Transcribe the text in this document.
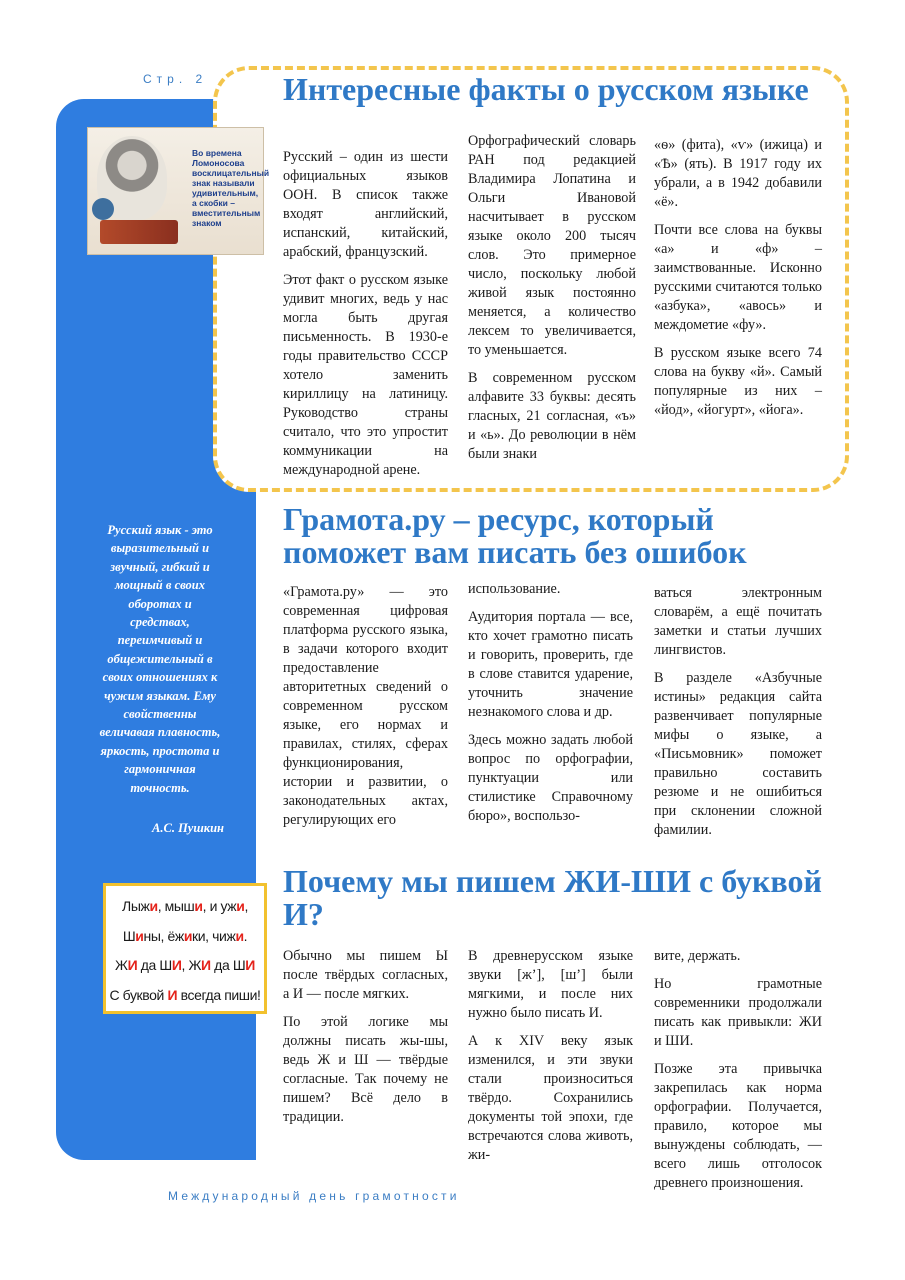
Стр. 2
Во времена Ломоносова восклицательный знак называли удивительным, а скобки – вместительным знаком
Русский язык - это выразительный и звучный, гибкий и мощный в своих оборотах и средствах, переимчивый и общежительный в своих отношениях к чужим языкам. Ему свойственны величавая плавность, яркость, простота и гармоничная точность.
А.С. Пушкин
Лыжи, мыши, и ужи,
Шины, ёжики, чижи.
ЖИ да ШИ, ЖИ да ШИ
С буквой И всегда пиши!
Интересные факты о русском языке

Русский – один из шести официальных языков ООН. В список также входят английский, испанский, китайский, арабский, французский.

Этот факт о русском языке удивит многих, ведь у нас могла быть другая письменность. В 1930-е годы правительство СССР хотело заменить кириллицу на латиницу. Руководство страны считало, что это упростит коммуникации на международной арене.

Орфографический словарь РАН под редакцией Владимира Лопатина и Ольги Ивановой насчитывает в русском языке около 200 тысяч слов. Это примерное число, поскольку любой живой язык постоянно меняется, а количество лексем то увеличивается, то уменьшается.

В современном русском алфавите 33 буквы: десять гласных, 21 согласная, «ъ» и «ь». До революции в нём были знаки

«ѳ» (фита), «ѵ» (ижица) и «Ѣ» (ять). В 1917 году их убрали, а в 1942 добавили «ё».

Почти все слова на буквы «а» и «ф» – заимствованные. Исконно русскими считаются только «азбука», «авось» и междометие «фу».

В русском языке всего 74 слова на букву «й». Самый популярные из них – «йод», «йогурт», «йога».

Грамота.ру – ресурс, который поможет вам писать без ошибок

«Грамота.ру» — это современная цифровая платформа русского языка, в задачи которого входит предоставление авторитетных сведений о современном русском языке, его нормах и правилах, стилях, сферах функционирования, истории и развитии, о законодательных актах, регулирующих его

использование.

Аудитория портала — все, кто хочет грамотно писать и говорить, проверить, где в слове ставится ударение, уточнить значение незнакомого слова и др.

Здесь можно задать любой вопрос по орфографии, пунктуации или стилистике Справочному бюро», воспользо-

ваться электронным словарём, а ещё почитать заметки и статьи лучших лингвистов.

В разделе «Азбучные истины» редакция сайта развенчивает популярные мифы о языке, а «Письмовник» поможет правильно составить резюме и не ошибиться при склонении сложной фамилии.

Почему мы пишем ЖИ-ШИ с буквой И?

Обычно мы пишем Ы после твёрдых согласных, а И — после мягких.

По этой логике мы должны писать жы-шы, ведь Ж и Ш — твёрдые согласные. Так почему не пишем? Всё дело в традиции.

В древнерусском языке звуки [ж’], [ш’] были мягкими, и после них нужно было писать И.

А к XIV веку язык изменился, и эти звуки стали произноситься твёрдо. Сохранились документы той эпохи, где встречаются слова животь, жи-

вите, держать.

Но грамотные современники продолжали писать как привыкли: ЖИ и ШИ.

Позже эта привычка закрепилась как норма орфографии. Получается, правило, которое мы вынуждены соблюдать, — всего лишь отголосок древнего произношения.

Международный день грамотности
